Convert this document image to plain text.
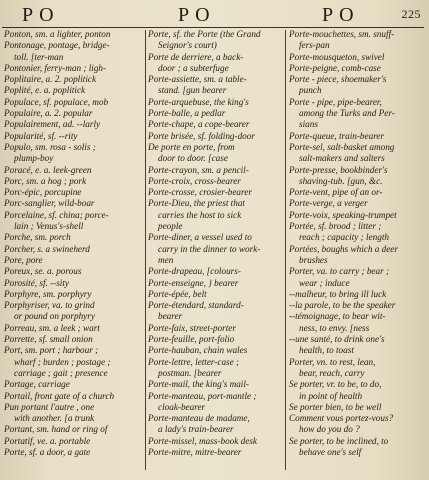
PO	PO	PO	225
Ponton, sm. a lighter, ponton
Pontonage, pontage, bridge-
toll. [ter-man
Pontonier, ferry-man ; ligh-
Poplitaire, a. 2. poplitick
Poplité, e. a. poplitick
Populace, sf. populace, mob
Populaire, a. 2. popular
Populairement, ad. --larly
Popularité, sf. --rity
Populo, sm. rosa - solis ;
plump-boy
Poracé, e. a. leek-green
Porc, sm. a hog ; pork
Porc-épic, porcupine
Porc-sanglier, wild-boar
Porcelaine, sf. china; porce-
lain ; Venus's-shell
Porche, sm. porch
Porcher, s. a swineherd
Pore, pore
Poreux, se. a. porous
Porosité, sf. --sity
Porphyre, sm. porphyry
Porphyriser, va. to grind
or pound on porphyry
Porreau, sm. a leek ; wart
Porrette, sf. small onion
Port, sm. port ; harbour ;
wharf ; burden ; postage ;
carriage ; gait ; presence
Portage, carriage
Portail, front gate of a church
Pun portant l'autre , one
with another. [a trunk
Portant, sm. hand or ring of
Portatif, ve. a. portable
Porte, sf. a door, a gate
Porte, sf. the Porte (the Grand
Seignor's court)
Porte de derriere, a back-
door ; a subterfuge
Porte-assiette, sm. a table-
stand. [gun bearer
Porte-arquebuse, the king's
Porte-balle, a pedlar
Porte-chape, a cope-bearer
Porte brisée, sf. folding-door
De porte en porte, from
door to door. [case
Porte-crayon, sm. a pencil-
Porte-croix, cross-bearer
Porte-crosse, crosier-bearer
Porte-Dieu, the priest that
carries the host to sick
people
Porte-diner, a vessel used to
carry in the dinner to work-
men
Porte-drapeau, [colours-
Porte-enseigne, } bearer
Porte-épée, belt
Porte-étendard, standard-
bearer
Porte-faix, street-porter
Porte-feuille, port-folio
Porte-hauban, chain wales
Porte-lettre, letter-case ;
postman. [bearer
Porte-mail, the king's mail-
Porte-manteau, port-mantle ;
cloak-bearer
Porte-manteau de madame,
a lady's train-bearer
Porte-missel, mass-book desk
Porte-mitre, mitre-bearer
Porte-mouchettes, sm. snuff-
fers-pan
Porte-mousqueton, swivel
Porte-peigne, comb-case
Porte - piece, shoemaker's
punch
Porte - pipe, pipe-bearer,
among the Turks and Per-
sians
Porte-queue, train-bearer
Porte-sel, salt-basket among
salt-makers and salters
Porte-presse, bookbinder's
shaving-tub. [gun, &c.
Porte-vent, pipe of an or-
Porte-verge, a verger
Porte-voix, speaking-trumpet
Portée, sf. brood ; litter ;
reach ; capacity ; length
Portées, boughs which a deer
brushes
Porter, va. to carry ; bear ;
wear ; induce
--malheur, to bring ill luck
--la parole, to be the speaker
--témoignage, to bear wit-
ness, to envy. [ness
--une santé, to drink one's
health, to toast
Porter, vn. to rest, lean,
bear, reach, carry
Se porter, vr. to be, to do,
in point of health
Se porter bien, to be well
Comment vous portez-vous?
how do you do ?
Se porter, to be inclined, to
behave one's self
